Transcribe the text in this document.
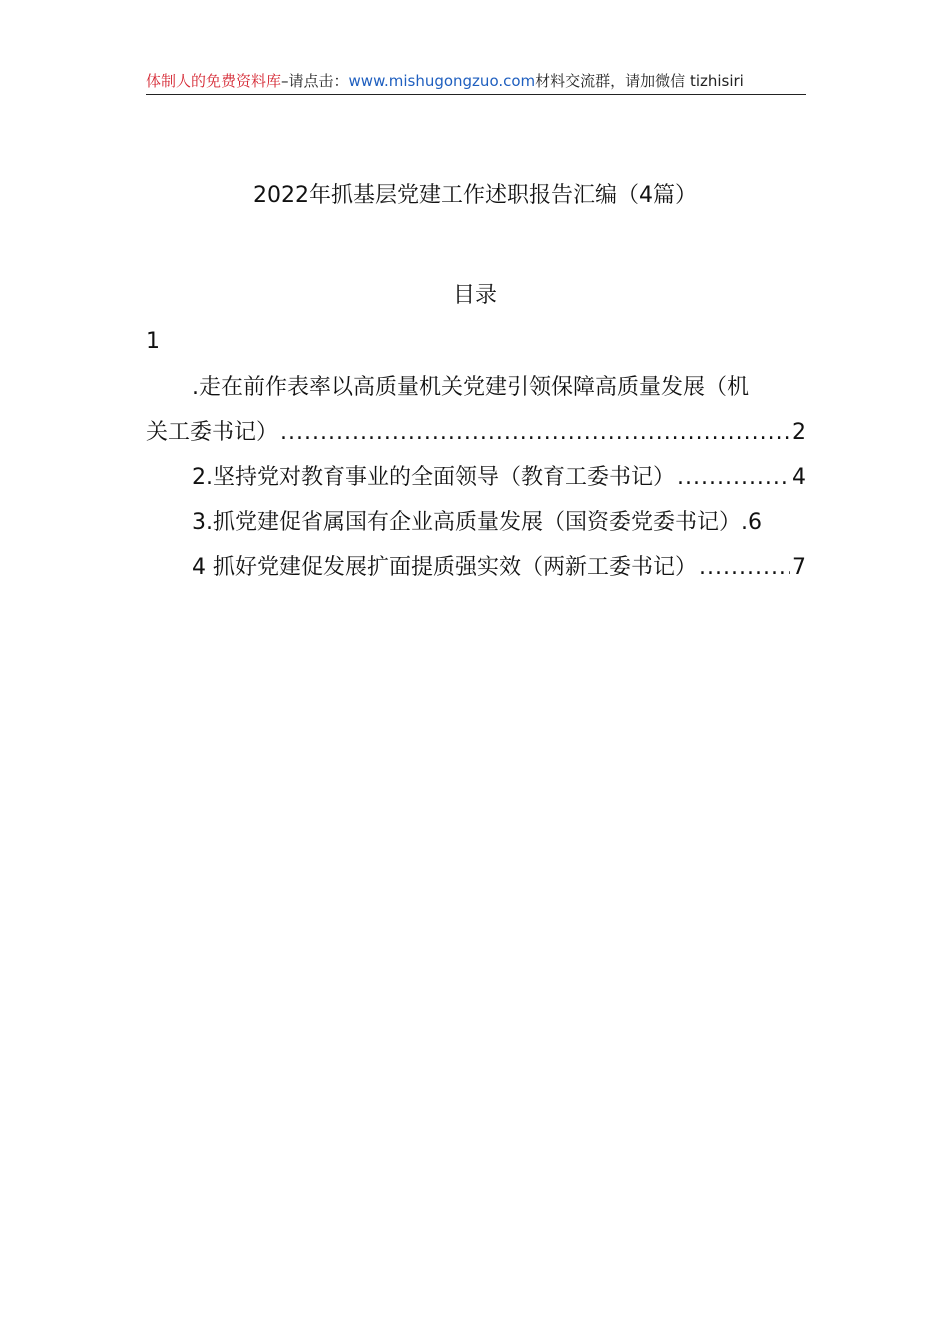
体制人的免费资料库–请点击：www.mishugongzuo.com材料交流群，请加微信 tizhisiri
2022年抓基层党建工作述职报告汇编（4篇）
目录
1
.走在前作表率以高质量机关党建引领保障高质量发展（机
关工委书记） .....	2
2.坚持党对教育事业的全面领导（教育工委书记） .....	4
3.抓党建促省属国有企业高质量发展（国资委党委书记） .6
4 抓好党建促发展扩面提质强实效（两新工委书记） .....	7
